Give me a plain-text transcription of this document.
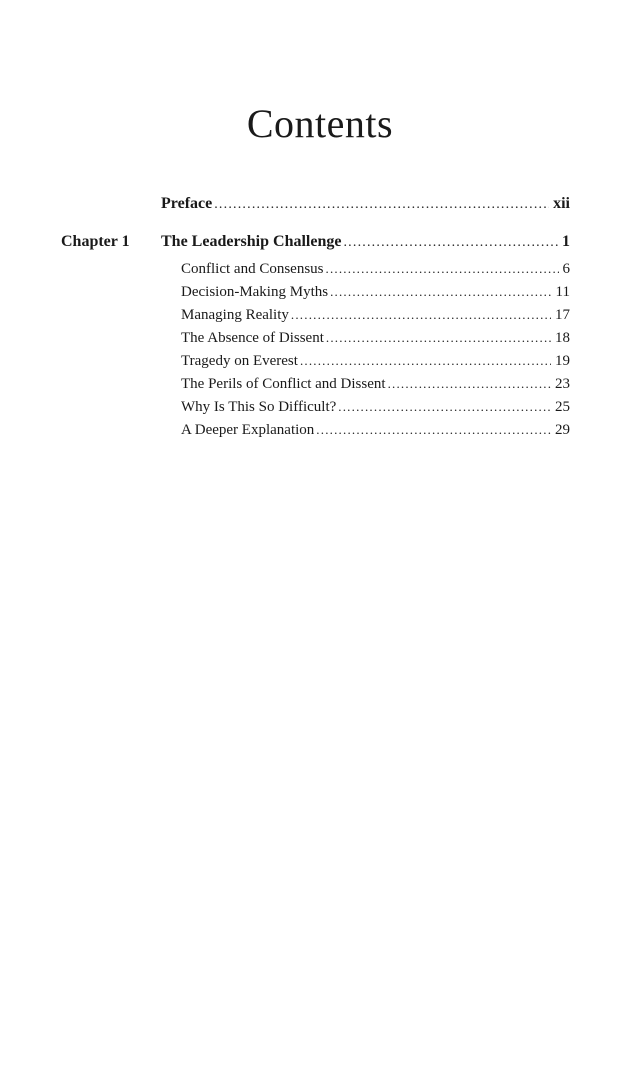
Contents
Preface .....	xii
Chapter 1 The Leadership Challenge .....	1
Conflict and Consensus .....	6
Decision-Making Myths .....	11
Managing Reality .....	17
The Absence of Dissent .....	18
Tragedy on Everest .....	19
The Perils of Conflict and Dissent .....	23
Why Is This So Difficult? .....	25
A Deeper Explanation .....	29
